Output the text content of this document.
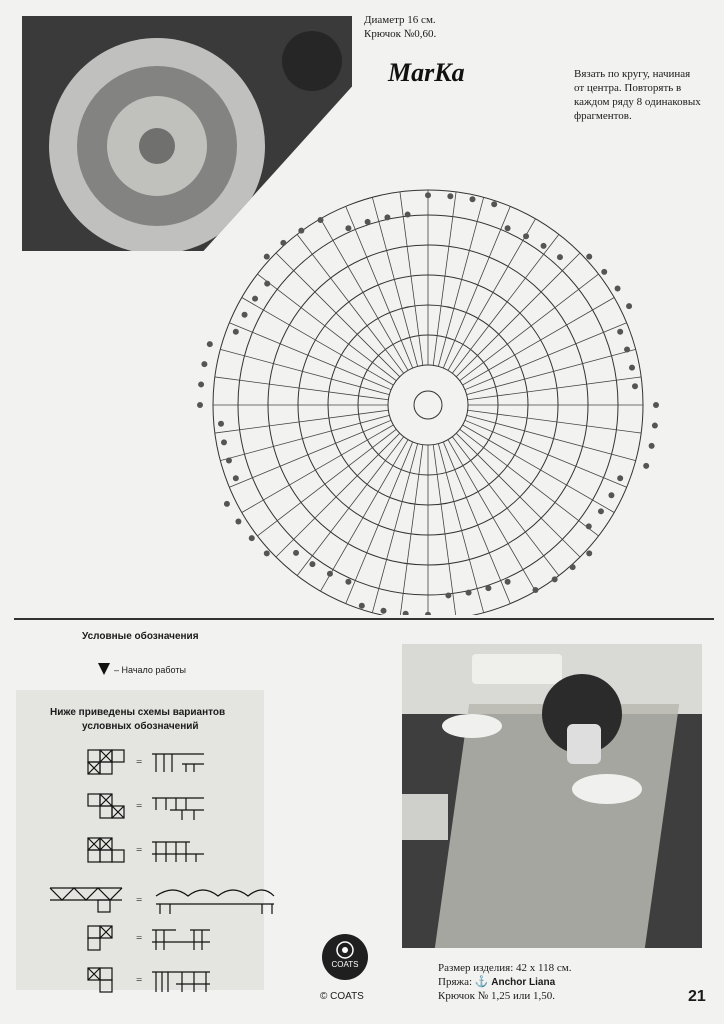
Диаметр 16 см.
Крючок №0,60.
MarKa	Вязать по кругу, начиная
от центра. Повторять в
каждом ряду 8 одинаковых
фрагментов.
Условные обозначения
– Начало работы
Ниже приведены схемы вариантов
условных обозначений
=
=
=
=
=
=
COATS
© COATS
Размер изделия: 42 х 118 см.
Пряжа: ⚓ Anchor Liana
Крючок № 1,25 или 1,50.	21
